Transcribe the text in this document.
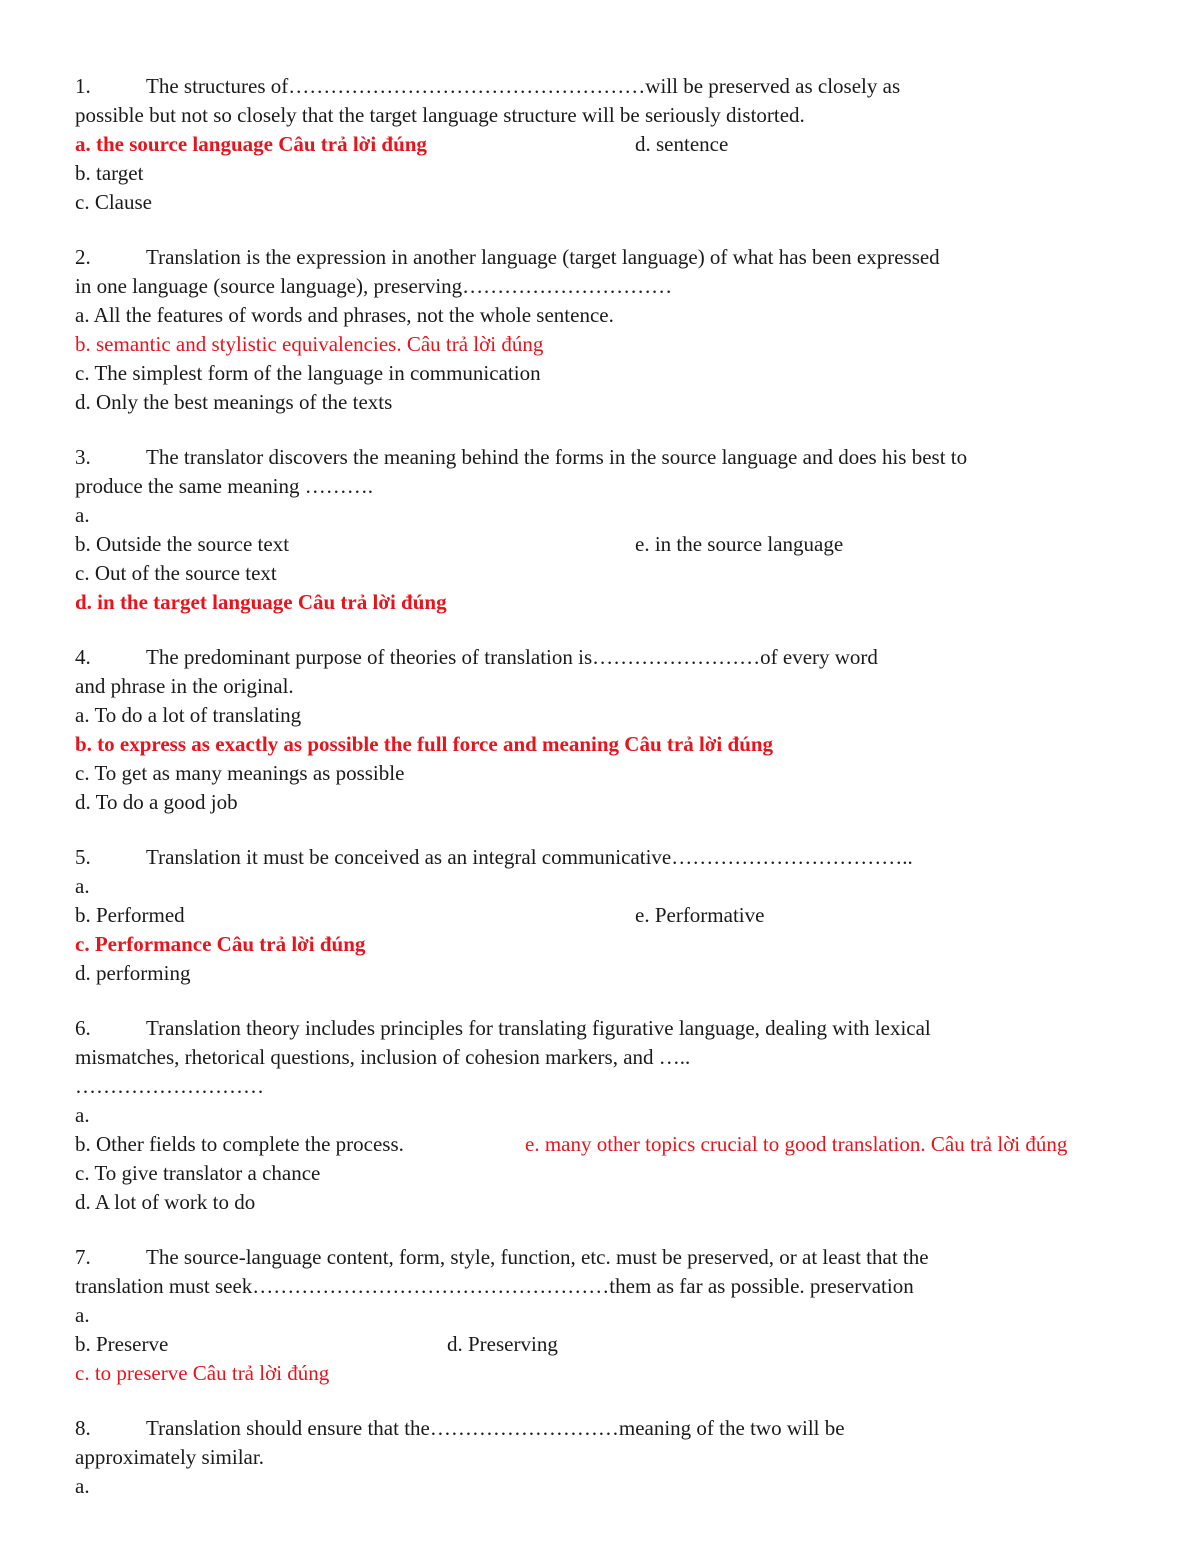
1.	The structures of……………………………………………will be preserved as closely as
possible but not so closely that the target language structure will be seriously distorted.
a. the source language Câu trả lời đúng	d. sentence
b. target
c. Clause
2.	Translation is the expression in another language (target language) of what has been expressed
in one language (source language), preserving…………………………
a. All the features of words and phrases, not the whole sentence.
b. semantic and stylistic equivalencies. Câu trả lời đúng
c. The simplest form of the language in communication
d. Only the best meanings of the texts
3.	The translator discovers the meaning behind the forms in the source language and does his best to
produce the same meaning ……….
a.
b. Outside the source text	e. in the source language
c. Out of the source text
d. in the target language Câu trả lời đúng
4.	The predominant purpose of theories of translation is……………………of every word
and phrase in the original.
a. To do a lot of translating
b. to express as exactly as possible the full force and meaning Câu trả lời đúng
c. To get as many meanings as possible
d. To do a good job
5.	Translation it must be conceived as an integral communicative……………………………..
a.
b. Performed	e. Performative
c. Performance Câu trả lời đúng
d. performing
6.	Translation theory includes principles for translating figurative language, dealing with lexical
mismatches, rhetorical questions, inclusion of cohesion markers, and …..
………………………
a.
b. Other fields to complete the process.	e. many other topics crucial to good translation. Câu trả lời đúng
c. To give translator a chance
d. A lot of work to do
7.	The source-language content, form, style, function, etc. must be preserved, or at least that the
translation must seek……………………………………………them as far as possible. preservation
a.
b. Preserve	d. Preserving
c. to preserve Câu trả lời đúng
8.	Translation should ensure that the………………………meaning of the two will be
approximately similar.
a.
